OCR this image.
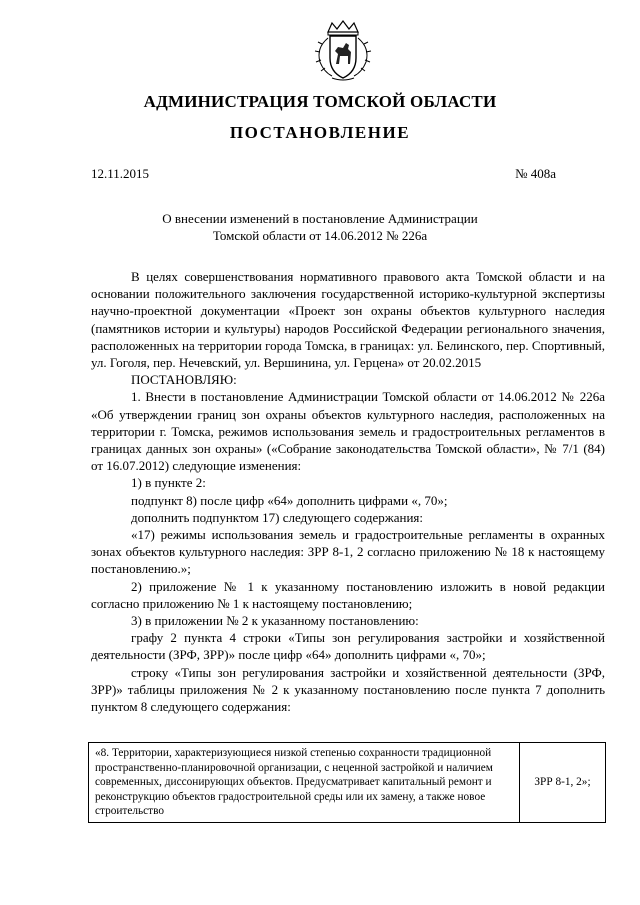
АДМИНИСТРАЦИЯ ТОМСКОЙ ОБЛАСТИ
ПОСТАНОВЛЕНИЕ
12.11.2015	№ 408а
О внесении изменений в постановление Администрации
Томской области от 14.06.2012 № 226а

В целях совершенствования нормативного правового акта Томской области и на основании положительного заключения государственной историко-культурной экспертизы научно-проектной документации «Проект зон охраны объектов культурного наследия (памятников истории и культуры) народов Российской Федерации регионального значения, расположенных на территории города Томска, в границах: ул. Белинского, пер. Спортивный, ул. Гоголя, пер. Нечевский, ул. Вершинина, ул. Герцена» от 20.02.2015

ПОСТАНОВЛЯЮ:

1. Внести в постановление Администрации Томской области от 14.06.2012 № 226а «Об утверждении границ зон охраны объектов культурного наследия, расположенных на территории г. Томска, режимов использования земель и градостроительных регламентов в границах данных зон охраны» («Собрание законодательства Томской области», № 7/1 (84) от 16.07.2012) следующие изменения:

1) в пункте 2:

подпункт 8) после цифр «64» дополнить цифрами «, 70»;

дополнить подпунктом 17) следующего содержания:

«17) режимы использования земель и градостроительные регламенты в охранных зонах объектов культурного наследия: ЗРР 8-1, 2 согласно приложению № 18 к настоящему постановлению.»;

2) приложение № 1 к указанному постановлению изложить в новой редакции согласно приложению № 1 к настоящему постановлению;

3) в приложении № 2 к указанному постановлению:

графу 2 пункта 4 строки «Типы зон регулирования застройки и хозяйственной деятельности (ЗРФ, ЗРР)» после цифр «64» дополнить цифрами «, 70»;

строку «Типы зон регулирования застройки и хозяйственной деятельности (ЗРФ, ЗРР)» таблицы приложения № 2 к указанному постановлению после пункта 7 дополнить пунктом 8 следующего содержания:

«8. Территории, характеризующиеся низкой степенью сохранности традиционной пространственно-планировочной организации, с неценной застройкой и наличием современных, диссонирующих объектов. Предусматривает капитальный ремонт и реконструкцию объектов градостроительной среды или их замену, а также новое строительство	ЗРР 8-1, 2»;
